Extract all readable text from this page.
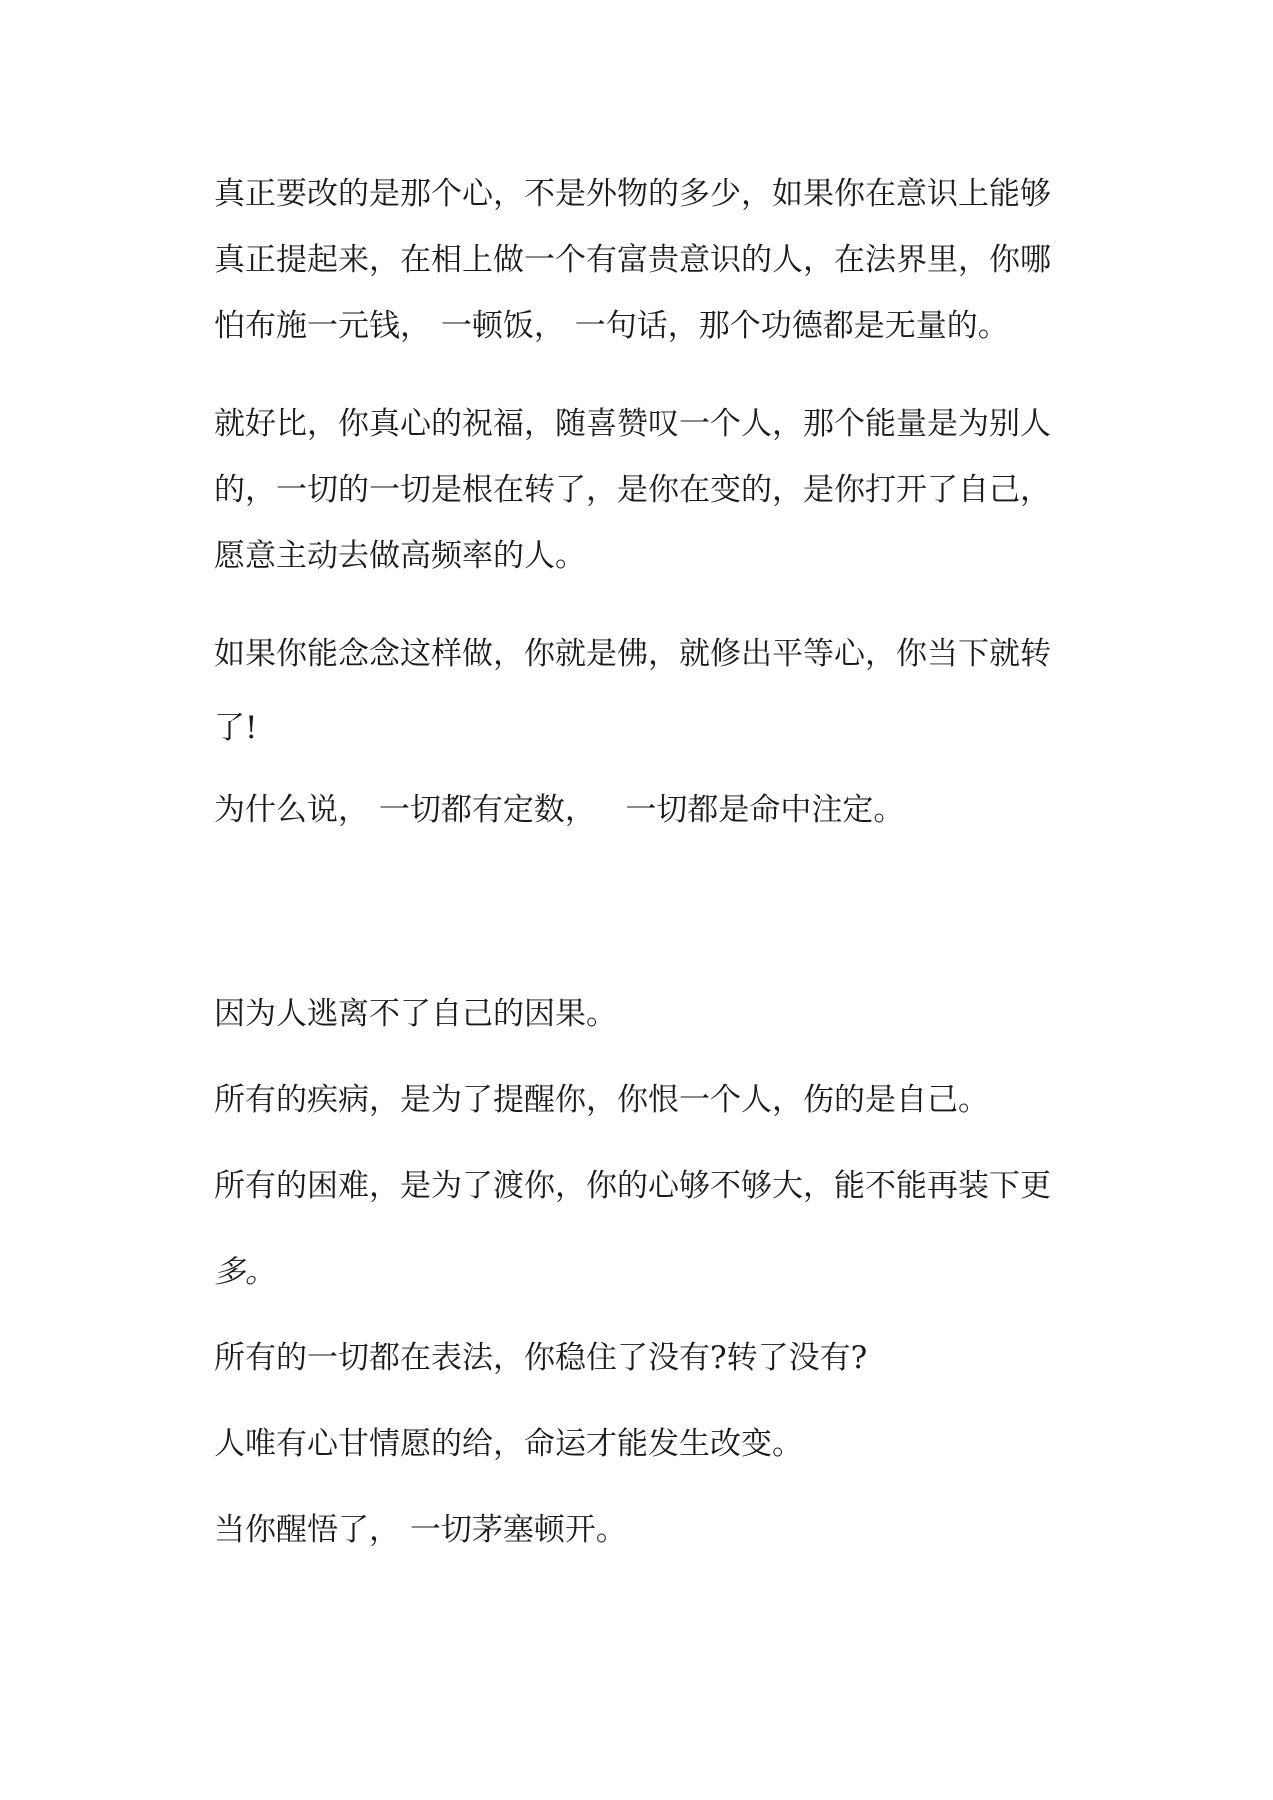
真正要改的是那个心，不是外物的多少，如果你在意识上能够
真正提起来，在相上做一个有富贵意识的人，在法界里，你哪
怕布施一元钱， 一顿饭， 一句话，那个功德都是无量的。
就好比，你真心的祝福，随喜赞叹一个人，那个能量是为别人
的，一切的一切是根在转了，是你在变的，是你打开了自己，
愿意主动去做高频率的人。
如果你能念念这样做，你就是佛，就修出平等心，你当下就转
了!
为什么说， 一切都有定数，   一切都是命中注定。
因为人逃离不了自己的因果。
所有的疾病，是为了提醒你，你恨一个人，伤的是自己。
所有的困难，是为了渡你，你的心够不够大，能不能再装下更
多。
所有的一切都在表法，你稳住了没有?转了没有?
人唯有心甘情愿的给，命运才能发生改变。
当你醒悟了， 一切茅塞顿开。
